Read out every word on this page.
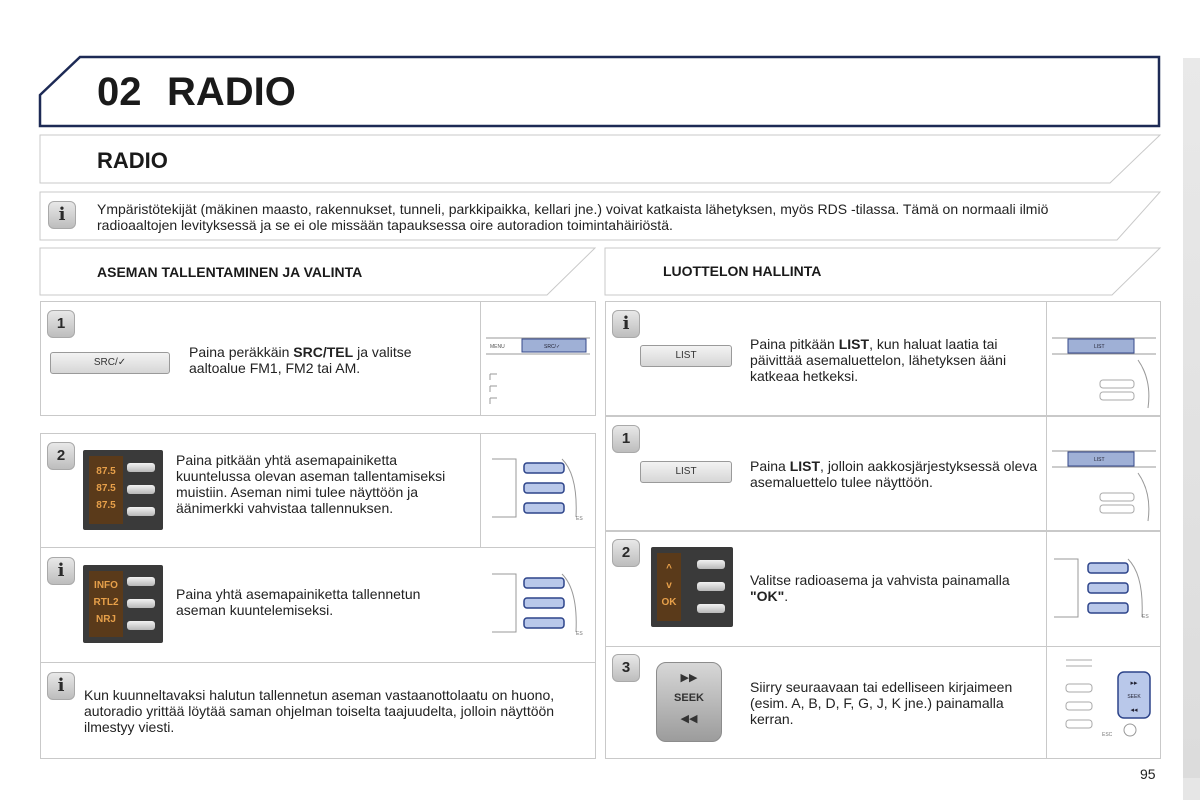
02 RADIO
RADIO
i	Ympäristötekijät (mäkinen maasto, rakennukset, tunneli, parkkipaikka, kellari jne.) voivat katkaista lähetyksen, myös RDS -tilassa. Tämä on normaali ilmiö radioaaltojen levityksessä ja se ei ole missään tapauksessa oire autoradion toimintahäiriöstä.
ASEMAN TALLENTAMINEN JA VALINTA
1
SRC/✓
Paina peräkkäin SRC/TEL ja valitse aaltoalue FM1, FM2 tai AM.
MENU	SRC/✓
2
87.5
87.5
87.5
Paina pitkään yhtä asemapainiketta kuuntelussa olevan aseman tallentamiseksi muistiin. Aseman nimi tulee näyttöön ja äänimerkki vahvistaa tallennuksen.
ES
i
INFO
RTL2
NRJ
Paina yhtä asemapainiketta tallennetun aseman kuuntelemiseksi.
ES
i	Kun kuunneltavaksi halutun tallennetun aseman vastaanottolaatu on huono, autoradio yrittää löytää saman ohjelman toiselta taajuudelta, jolloin näyttöön ilmestyy viesti.
LUOTTELON HALLINTA
i
LIST
Paina pitkään LIST, kun haluat laatia tai päivittää asemaluettelon, lähetyksen ääni katkeaa hetkeksi.
LIST
1
LIST	Paina LIST, jolloin aakkosjärjestyksessä oleva asemaluettelo tulee näyttöön.
LIST
2
^
v
OK
Valitse radioasema ja vahvista painamalla "OK".
ES
3
▶▶
SEEK
◀◀
Siirry seuraavaan tai edelliseen kirjaimeen (esim. A, B, D, F, G, J, K jne.) painamalla kerran.
▸▸
SEEK
◂◂
ESC
95
